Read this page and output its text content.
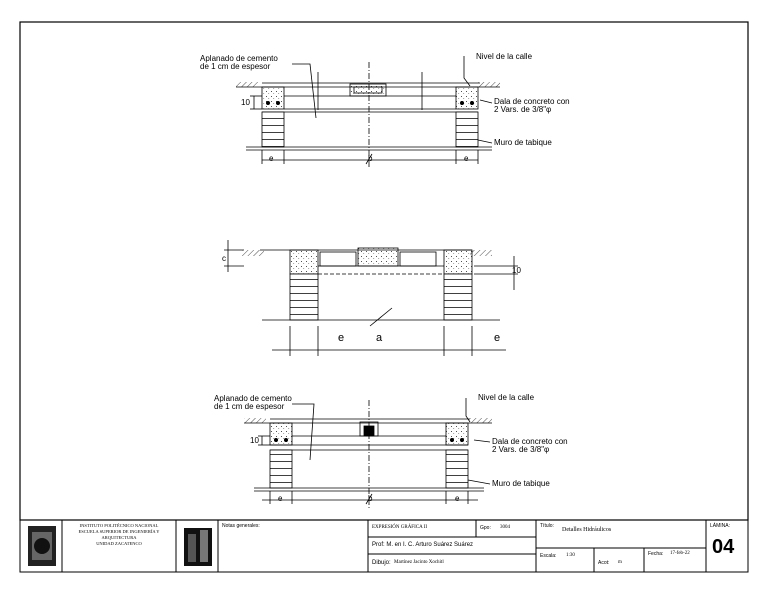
Aplanado de cemento
de 1 cm de espesor
Nivel de la calle
Dala de concreto con
2 Vars. de 3/8"φ
Muro de tabique
10
e	b	e
c
10
e	a	e
Aplanado de cemento
de 1 cm de espesor
Nivel de la calle
Dala de concreto con
2 Vars. de 3/8"φ
Muro de tabique
10
e	b	e
INSTITUTO POLITÉCNICO NACIONAL
ESCUELA SUPERIOR DE INGENIERÍA Y
ARQUITECTURA
UNIDAD ZACATENCO
Notas generales:	EXPRESIÓN GRÁFICA II	Gpo: 3004
Prof: M. en I. C. Arturo Suárez Suárez
Dibujo: Martínez Jacinto Xochitl
Título:
Detalles Hidráulicos
Escala: 1:30
Acot: m
Fecha: 17-feb-22
LÁMINA:
04
